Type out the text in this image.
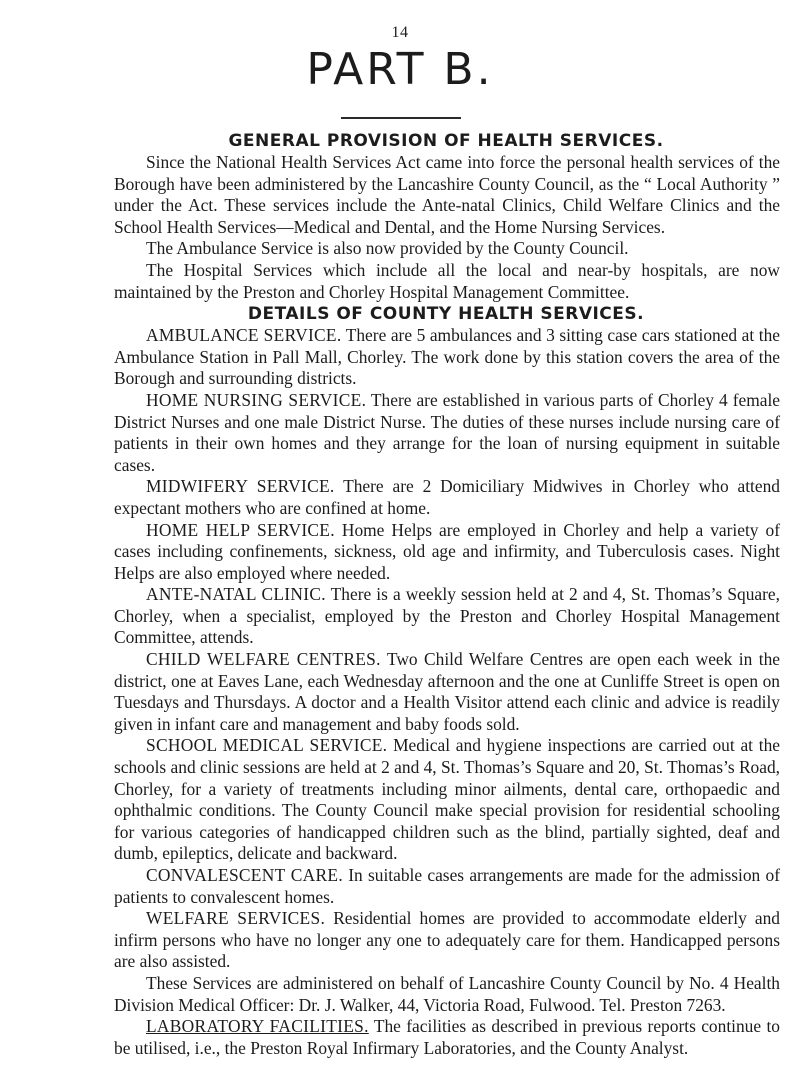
14
PART B.
GENERAL PROVISION OF HEALTH SERVICES.

Since the National Health Services Act came into force the personal health services of the Borough have been administered by the Lancashire County Council, as the “ Local Authority ” under the Act. These services include the Ante-natal Clinics, Child Welfare Clinics and the School Health Services—Medical and Dental, and the Home Nursing Services.

The Ambulance Service is also now provided by the County Council.

The Hospital Services which include all the local and near-by hospitals, are now maintained by the Preston and Chorley Hospital Management Committee.

DETAILS OF COUNTY HEALTH SERVICES.

AMBULANCE SERVICE. There are 5 ambulances and 3 sitting case cars stationed at the Ambulance Station in Pall Mall, Chorley. The work done by this station covers the area of the Borough and surrounding districts.

HOME NURSING SERVICE. There are established in various parts of Chorley 4 female District Nurses and one male District Nurse. The duties of these nurses include nursing care of patients in their own homes and they arrange for the loan of nursing equipment in suitable cases.

MIDWIFERY SERVICE. There are 2 Domiciliary Midwives in Chorley who attend expectant mothers who are confined at home.

HOME HELP SERVICE. Home Helps are employed in Chorley and help a variety of cases including confinements, sickness, old age and infirmity, and Tuberculosis cases. Night Helps are also employed where needed.

ANTE-NATAL CLINIC. There is a weekly session held at 2 and 4, St. Thomas’s Square, Chorley, when a specialist, employed by the Preston and Chorley Hospital Management Committee, attends.

CHILD WELFARE CENTRES. Two Child Welfare Centres are open each week in the district, one at Eaves Lane, each Wednesday afternoon and the one at Cunliffe Street is open on Tuesdays and Thursdays. A doctor and a Health Visitor attend each clinic and advice is readily given in infant care and management and baby foods sold.

SCHOOL MEDICAL SERVICE. Medical and hygiene inspections are carried out at the schools and clinic sessions are held at 2 and 4, St. Thomas’s Square and 20, St. Thomas’s Road, Chorley, for a variety of treatments including minor ailments, dental care, orthopaedic and ophthalmic conditions. The County Council make special provision for residential schooling for various categories of handicapped children such as the blind, partially sighted, deaf and dumb, epileptics, delicate and backward.

CONVALESCENT CARE. In suitable cases arrangements are made for the admission of patients to convalescent homes.

WELFARE SERVICES. Residential homes are provided to accommodate elderly and infirm persons who have no longer any one to adequately care for them. Handicapped persons are also assisted.

These Services are administered on behalf of Lancashire County Council by No. 4 Health Division Medical Officer: Dr. J. Walker, 44, Victoria Road, Fulwood. Tel. Preston 7263.

LABORATORY FACILITIES. The facilities as described in previous reports continue to be utilised, i.e., the Preston Royal Infirmary Laboratories, and the County Analyst.
